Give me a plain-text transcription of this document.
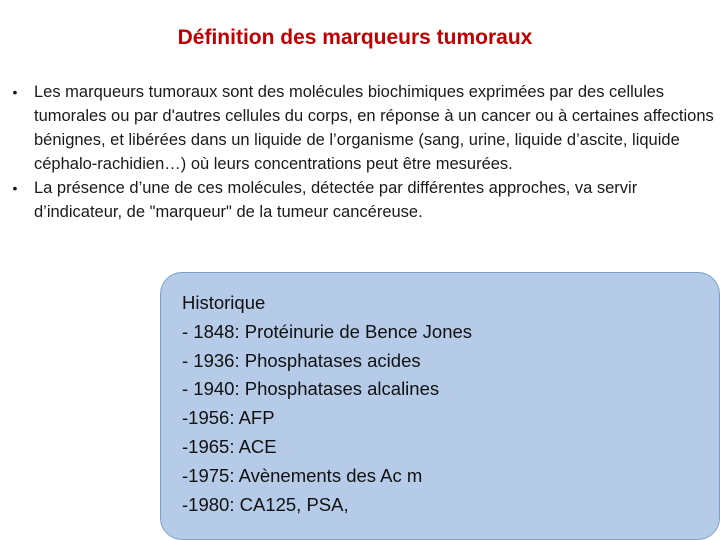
Définition des marqueurs tumoraux
• Les marqueurs tumoraux sont des molécules biochimiques exprimées par des cellules tumorales ou par d'autres cellules du corps, en réponse à un cancer ou à certaines affections bénignes, et libérées dans un liquide de l’organisme (sang, urine, liquide d’ascite, liquide céphalo‑rachidien…) où leurs concentrations peut être mesurées.
• La présence d’une de ces molécules, détectée par différentes approches, va servir d’indicateur, de "marqueur" de la tumeur cancéreuse.
Historique
- 1848: Protéinurie de Bence Jones
- 1936: Phosphatases acides
- 1940: Phosphatases alcalines
-1956: AFP
-1965: ACE
-1975: Avènements des Ac m
-1980: CA125, PSA,
